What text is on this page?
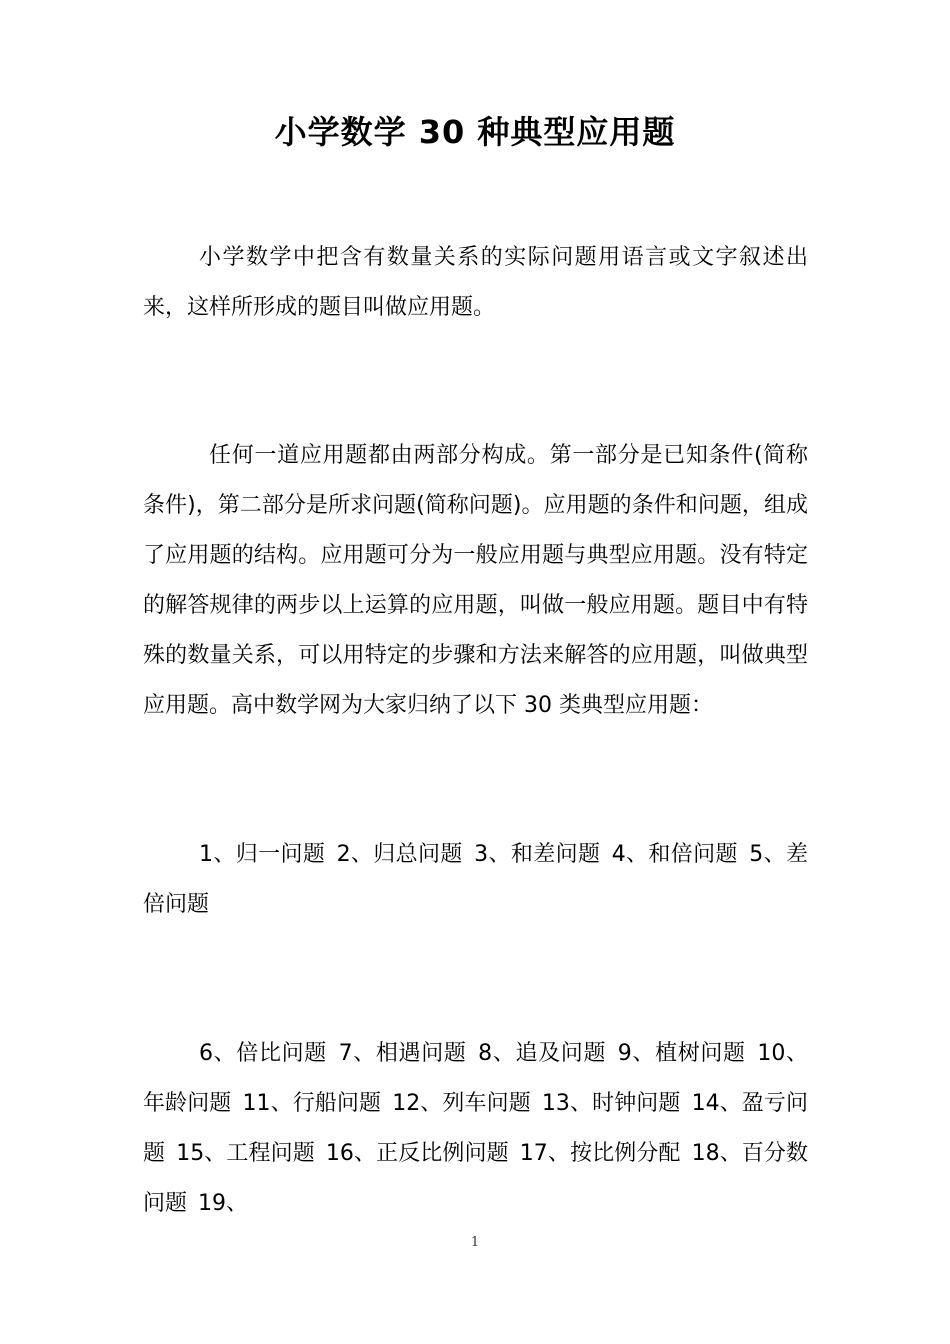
小学数学 30 种典型应用题
小学数学中把含有数量关系的实际问题用语言或文字叙述出来，这样所形成的题目叫做应用题。
任何一道应用题都由两部分构成。第一部分是已知条件(简称条件)，第二部分是所求问题(简称问题)。应用题的条件和问题，组成了应用题的结构。应用题可分为一般应用题与典型应用题。没有特定的解答规律的两步以上运算的应用题，叫做一般应用题。题目中有特殊的数量关系，可以用特定的步骤和方法来解答的应用题，叫做典型应用题。高中数学网为大家归纳了以下 30 类典型应用题：
1、归一问题 2、归总问题 3、和差问题 4、和倍问题 5、差倍问题
6、倍比问题 7、相遇问题 8、追及问题 9、植树问题 10、年龄问题 11、行船问题 12、列车问题 13、时钟问题 14、盈亏问题 15、工程问题 16、正反比例问题 17、按比例分配 18、百分数问题 19、
1
